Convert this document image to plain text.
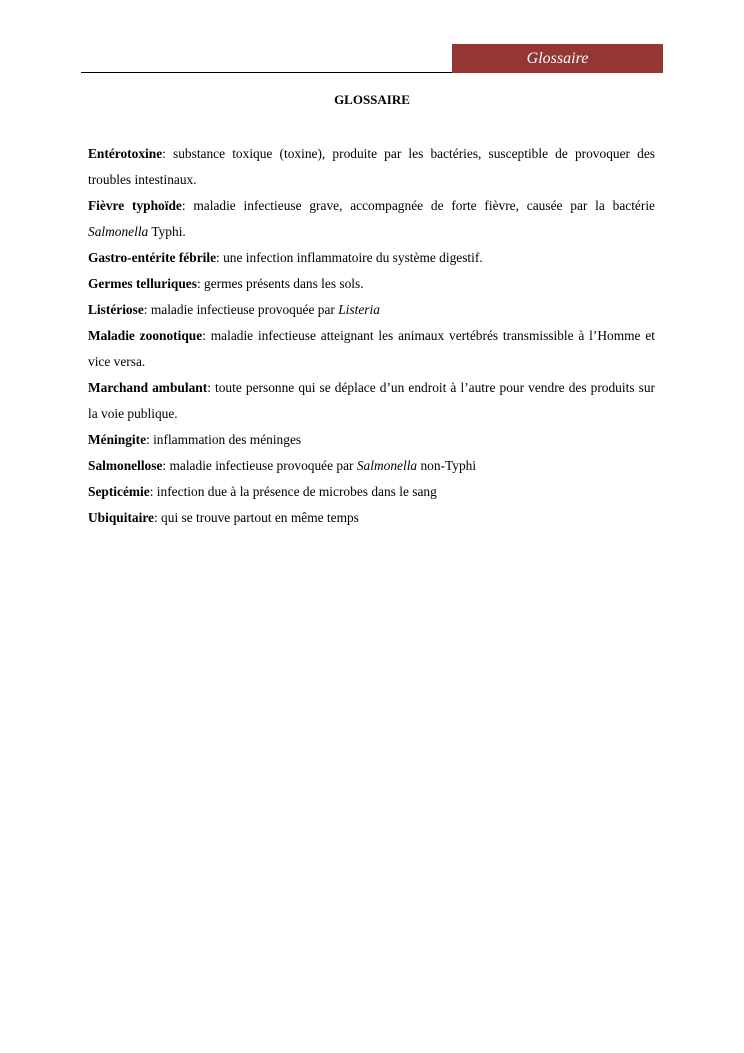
Glossaire
GLOSSAIRE

Entérotoxine: substance toxique (toxine), produite par les bactéries, susceptible de provoquer des troubles intestinaux.

Fièvre typhoïde: maladie infectieuse grave, accompagnée de forte fièvre, causée par la bactérie Salmonella Typhi.

Gastro-entérite fébrile: une infection inflammatoire du système digestif.

Germes telluriques: germes présents dans les sols.

Listériose: maladie infectieuse provoquée par Listeria

Maladie zoonotique: maladie infectieuse atteignant les animaux vertébrés transmissible à l’Homme et vice versa.

Marchand ambulant: toute personne qui se déplace d’un endroit à l’autre pour vendre des produits sur la voie publique.

Méningite: inflammation des méninges

Salmonellose: maladie infectieuse provoquée par Salmonella non-Typhi

Septicémie: infection due à la présence de microbes dans le sang

Ubiquitaire: qui se trouve partout en même temps
